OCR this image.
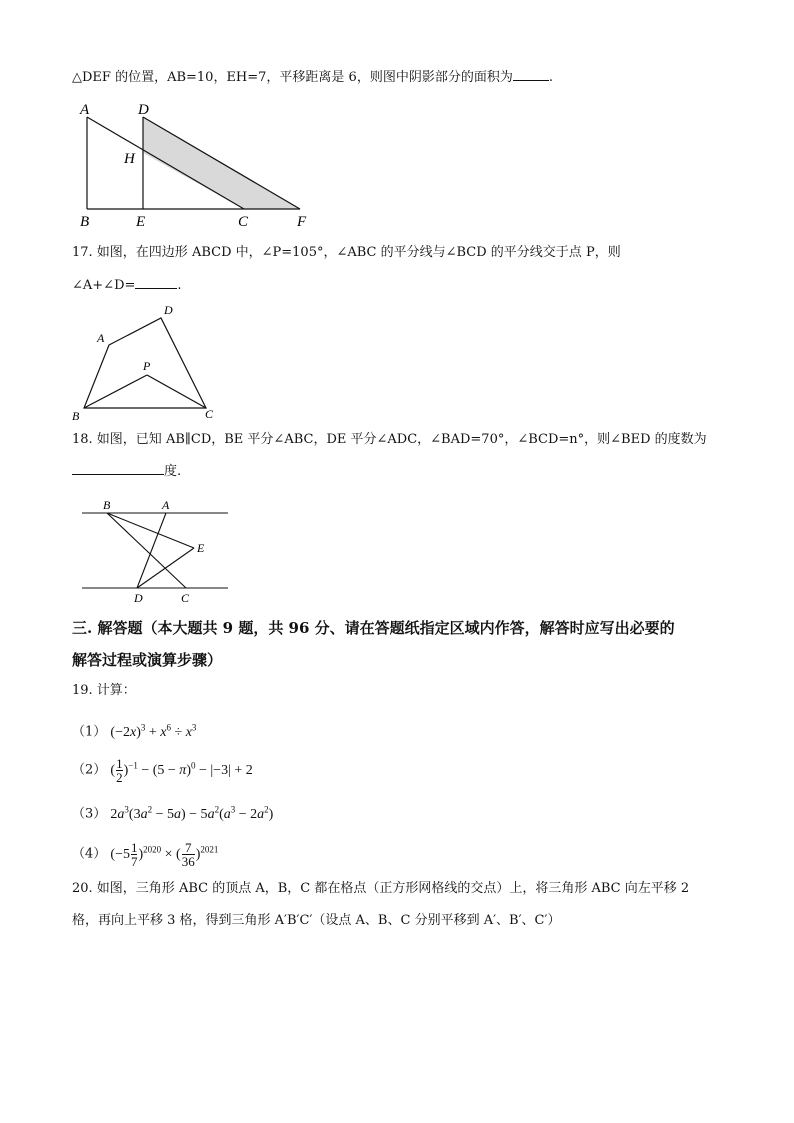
△DEF 的位置，AB=10，EH=7，平移距离是 6，则图中阴影部分的面积为	.
A	D
H
B	E	C	F
17. 如图，在四边形 ABCD 中，∠P=105°，∠ABC 的平分线与∠BCD 的平分线交于点 P，则
∠A+∠D=	.
A
D
P
B	C
18. 如图，已知 AB∥CD，BE 平分∠ABC，DE 平分∠ADC，∠BAD=70°，∠BCD=n°，则∠BED 的度数为
度.
B	A
E
D	C
三. 解答题（本大题共 9 题，共 96 分、请在答题纸指定区域内作答，解答时应写出必要的
解答过程或演算步骤）
19. 计算：
（1） $(-2x)^3 + x^6 \div x^3$
（2） ( $\frac{1}{2} )^{-1} - (5 - \pi)^0 - |-3| + 2$
（3） $2a^3(3a^2 - 5a) - 5a^2(a^3 - 2a^2)$
（4） $(-5 \frac{1}{7} )^{2020}$ × ( $\frac{7}{36} )^{2021}$
20. 如图，三角形 ABC 的顶点 A，B，C 都在格点（正方形网格线的交点）上，将三角形 ABC 向左平移 2
格，再向上平移 3 格，得到三角形 A′B′C′（设点 A、B、C 分别平移到 A′、B′、C′）
